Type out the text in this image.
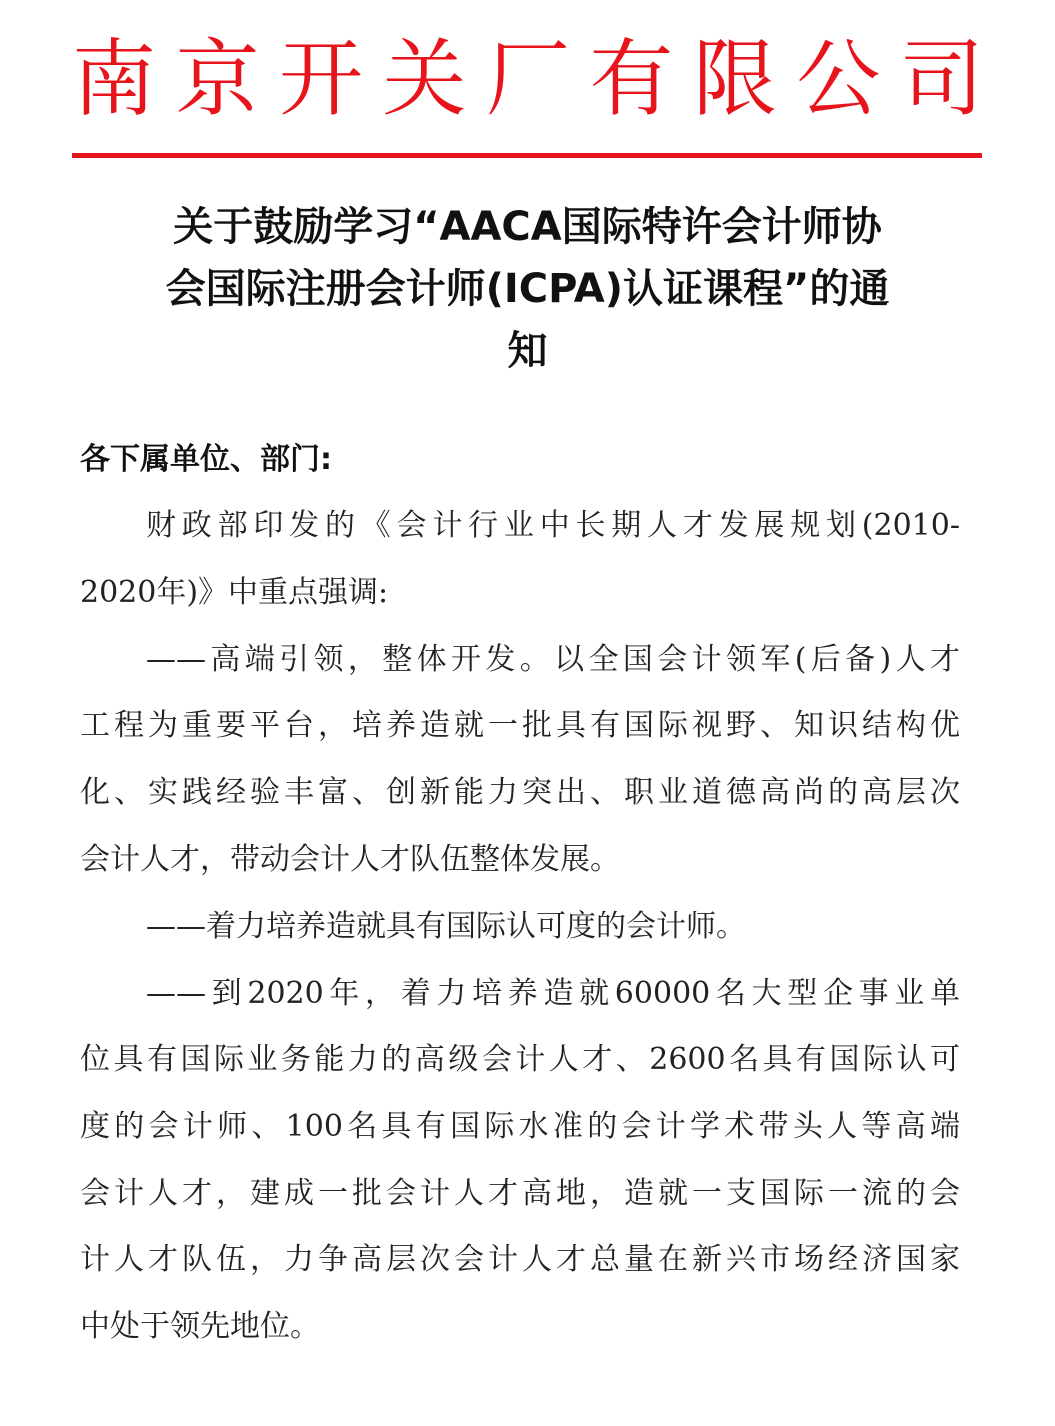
南 京 开 关 厂 有 限 公 司
关于鼓励学习“AACA国际特许会计师协
会国际注册会计师(ICPA)认证课程”的通
知
各下属单位、部门:
财政部印发的《会计行业中长期人才发展规划(2010-
2020年)》中重点强调:
——高端引领，整体开发。以全国会计领军(后备)人才
工程为重要平台，培养造就一批具有国际视野、知识结构优
化、实践经验丰富、创新能力突出、职业道德高尚的高层次
会计人才，带动会计人才队伍整体发展。
——着力培养造就具有国际认可度的会计师。
——到2020年，着力培养造就60000名大型企事业单
位具有国际业务能力的高级会计人才、2600名具有国际认可
度的会计师、100名具有国际水准的会计学术带头人等高端
会计人才，建成一批会计人才高地，造就一支国际一流的会
计人才队伍，力争高层次会计人才总量在新兴市场经济国家
中处于领先地位。
